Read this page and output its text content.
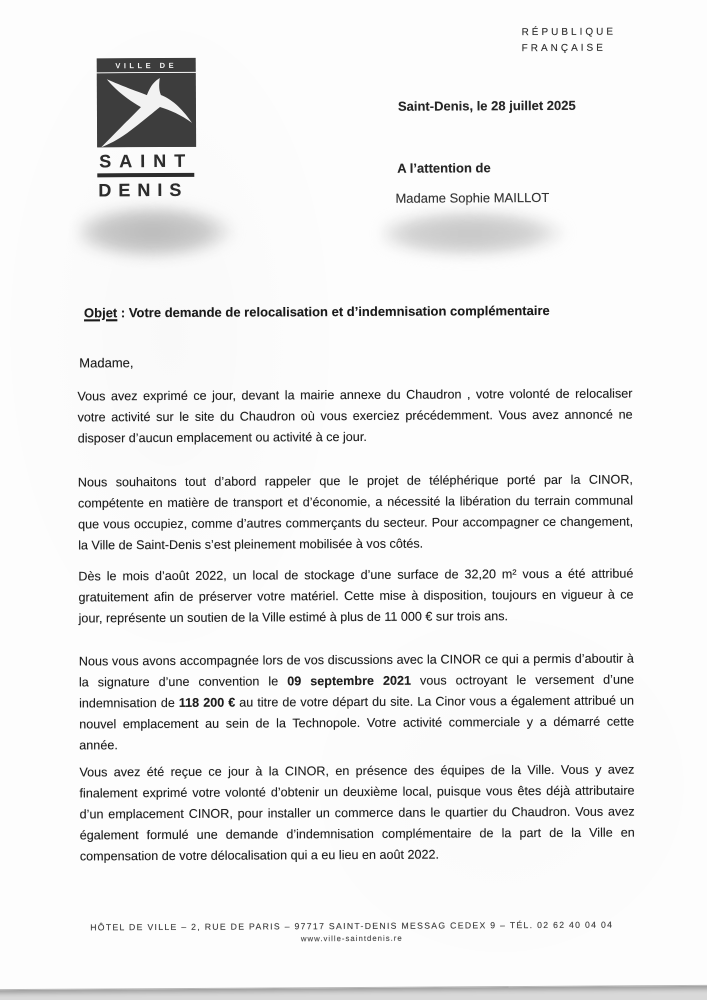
RÉPUBLIQUE
FRANÇAISE
VILLE DE
SAINT
DENIS
Saint-Denis, le 28 juillet 2025
A l’attention de
Madame Sophie MAILLOT
Objet : Votre demande de relocalisation et d’indemnisation complémentaire
Madame,
Vous avez exprimé ce jour, devant la mairie annexe du Chaudron , votre volonté de relocaliser votre activité sur le site du Chaudron où vous exerciez précédemment. Vous avez annoncé ne disposer d’aucun emplacement ou activité à ce jour.
Nous souhaitons tout d’abord rappeler que le projet de téléphérique porté par la CINOR, compétente en matière de transport et d’économie, a nécessité la libération du terrain communal que vous occupiez, comme d’autres commerçants du secteur. Pour accompagner ce changement, la Ville de Saint-Denis s’est pleinement mobilisée à vos côtés.
Dès le mois d’août 2022, un local de stockage d’une surface de 32,20 m² vous a été attribué gratuitement afin de préserver votre matériel. Cette mise à disposition, toujours en vigueur à ce jour, représente un soutien de la Ville estimé à plus de 11 000 € sur trois ans.
Nous vous avons accompagnée lors de vos discussions avec la CINOR ce qui a permis d’aboutir à la signature d’une convention le 09 septembre 2021 vous octroyant le versement d’une indemnisation de 118 200 € au titre de votre départ du site. La Cinor vous a également attribué un nouvel emplacement au sein de la Technopole. Votre activité commerciale y a démarré cette année.
Vous avez été reçue ce jour à la CINOR, en présence des équipes de la Ville. Vous y avez finalement exprimé votre volonté d’obtenir un deuxième local, puisque vous êtes déjà attributaire d’un emplacement CINOR, pour installer un commerce dans le quartier du Chaudron. Vous avez également formulé une demande d’indemnisation complémentaire de la part de la Ville en compensation de votre délocalisation qui a eu lieu en août 2022.
HÔTEL DE VILLE – 2, RUE DE PARIS – 97717 SAINT-DENIS MESSAG CEDEX 9 – TÉL. 02 62 40 04 04
www.ville-saintdenis.re
